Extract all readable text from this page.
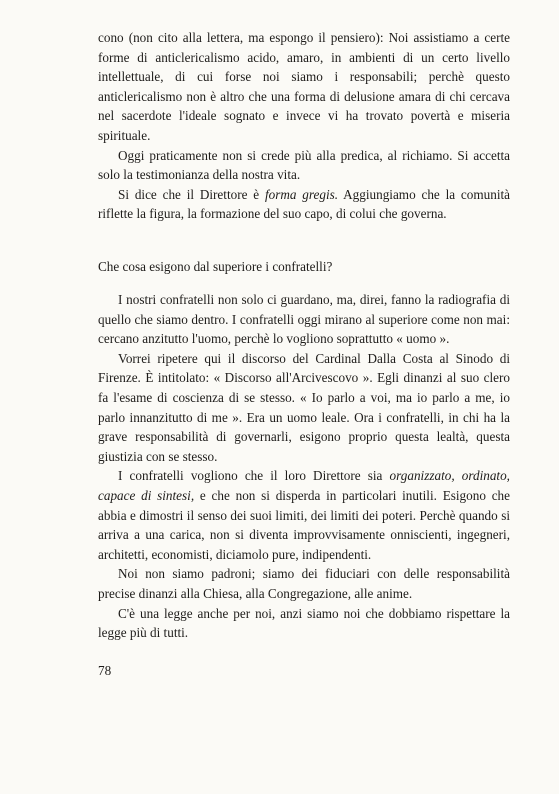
cono (non cito alla lettera, ma espongo il pensiero): Noi assistiamo a certe forme di anticlericalismo acido, amaro, in ambienti di un certo livello intellettuale, di cui forse noi siamo i responsabili; perchè questo anticlericalismo non è altro che una forma di delusione amara di chi cercava nel sacerdote l'ideale sognato e invece vi ha trovato povertà e miseria spirituale.

Oggi praticamente non si crede più alla predica, al richiamo. Si accetta solo la testimonianza della nostra vita.

Si dice che il Direttore è forma gregis. Aggiungiamo che la comunità riflette la figura, la formazione del suo capo, di colui che governa.

Che cosa esigono dal superiore i confratelli?

I nostri confratelli non solo ci guardano, ma, direi, fanno la radiografia di quello che siamo dentro. I confratelli oggi mirano al superiore come non mai: cercano anzitutto l'uomo, perchè lo vogliono soprattutto « uomo ».

Vorrei ripetere qui il discorso del Cardinal Dalla Costa al Sinodo di Firenze. È intitolato: « Discorso all'Arcivescovo ». Egli dinanzi al suo clero fa l'esame di coscienza di se stesso. « Io parlo a voi, ma io parlo a me, io parlo innanzitutto di me ». Era un uomo leale. Ora i confratelli, in chi ha la grave responsabilità di governarli, esigono proprio questa lealtà, questa giustizia con se stesso.

I confratelli vogliono che il loro Direttore sia organizzato, ordinato, capace di sintesi, e che non si disperda in particolari inutili. Esigono che abbia e dimostri il senso dei suoi limiti, dei limiti dei poteri. Perchè quando si arriva a una carica, non si diventa improvvisamente onniscienti, ingegneri, architetti, economisti, diciamolo pure, indipendenti.

Noi non siamo padroni; siamo dei fiduciari con delle responsabilità precise dinanzi alla Chiesa, alla Congregazione, alle anime.

C'è una legge anche per noi, anzi siamo noi che dobbiamo rispettare la legge più di tutti.

78
